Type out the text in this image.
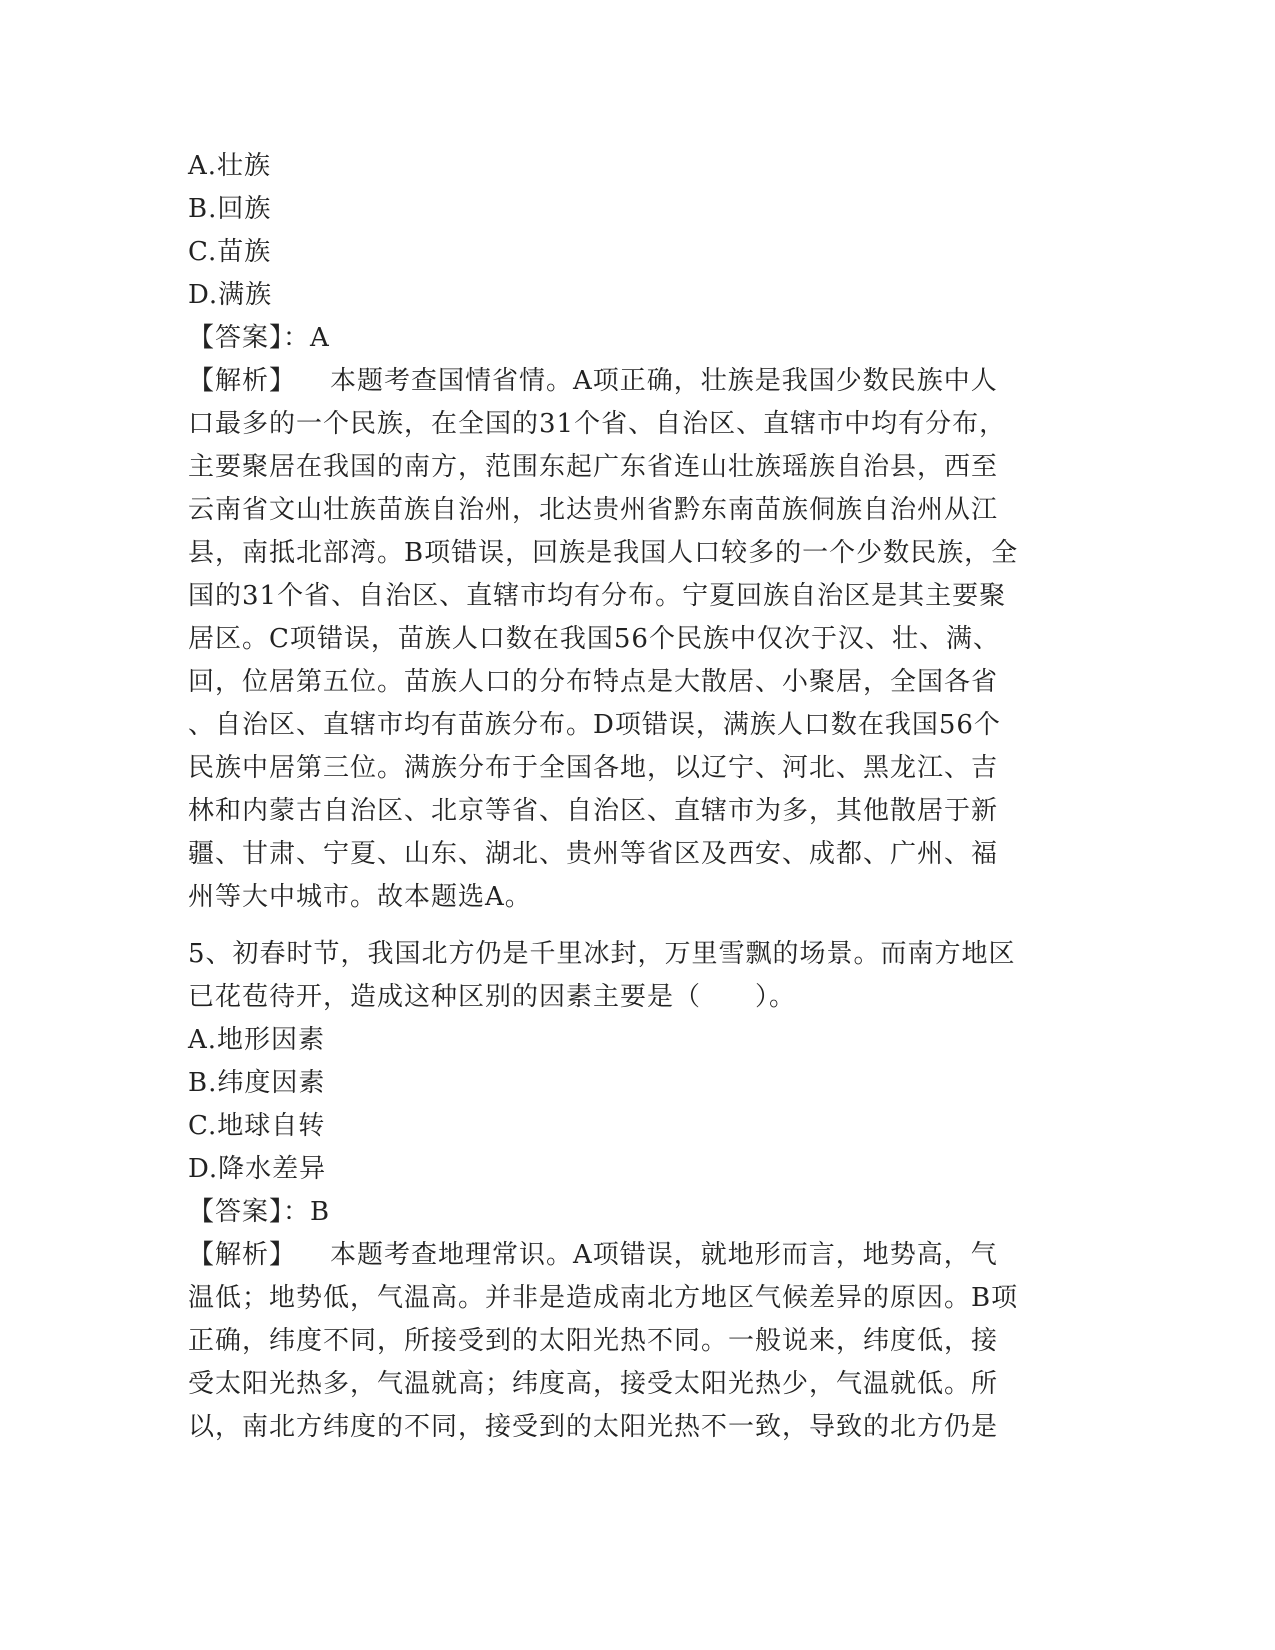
A.壮族
B.回族
C.苗族
D.满族
【答案】：A
【解析】 本题考查国情省情。A项正确，壮族是我国少数民族中人
口最多的一个民族，在全国的31个省、自治区、直辖市中均有分布，
主要聚居在我国的南方，范围东起广东省连山壮族瑶族自治县，西至
云南省文山壮族苗族自治州，北达贵州省黔东南苗族侗族自治州从江
县，南抵北部湾。B项错误，回族是我国人口较多的一个少数民族，全
国的31个省、自治区、直辖市均有分布。宁夏回族自治区是其主要聚
居区。C项错误，苗族人口数在我国56个民族中仅次于汉、壮、满、
回，位居第五位。苗族人口的分布特点是大散居、小聚居，全国各省
、自治区、直辖市均有苗族分布。D项错误，满族人口数在我国56个
民族中居第三位。满族分布于全国各地，以辽宁、河北、黑龙江、吉
林和内蒙古自治区、北京等省、自治区、直辖市为多，其他散居于新
疆、甘肃、宁夏、山东、湖北、贵州等省区及西安、成都、广州、福
州等大中城市。故本题选A。
5、初春时节，我国北方仍是千里冰封，万里雪飘的场景。而南方地区
已花苞待开，造成这种区别的因素主要是（　　）。
A.地形因素
B.纬度因素
C.地球自转
D.降水差异
【答案】：B
【解析】 本题考查地理常识。A项错误，就地形而言，地势高，气
温低；地势低，气温高。并非是造成南北方地区气候差异的原因。B项
正确，纬度不同，所接受到的太阳光热不同。一般说来，纬度低，接
受太阳光热多，气温就高；纬度高，接受太阳光热少，气温就低。所
以，南北方纬度的不同，接受到的太阳光热不一致，导致的北方仍是
